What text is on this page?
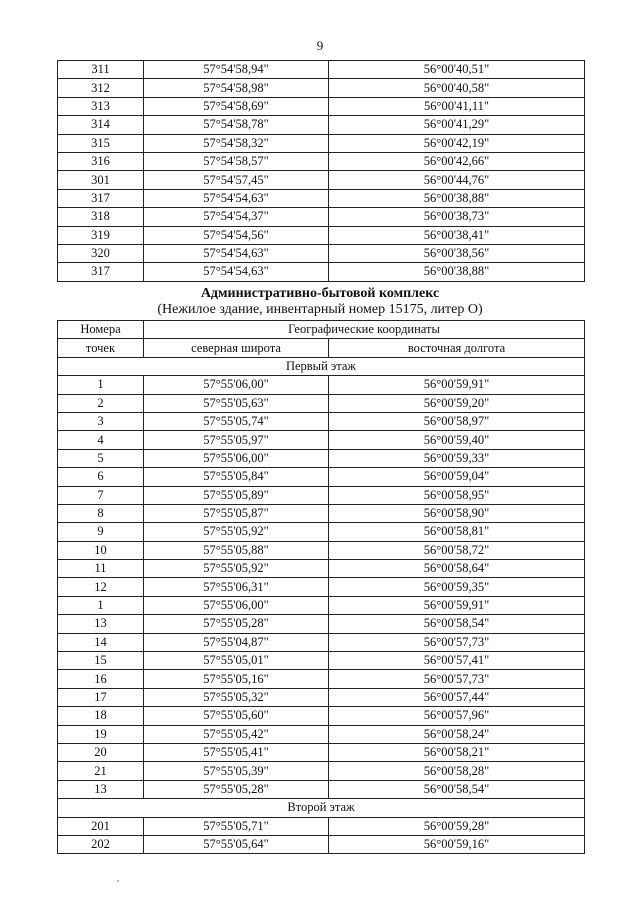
9
311	57°54'58,94"	56°00'40,51"
312	57°54'58,98"	56°00'40,58"
313	57°54'58,69"	56°00'41,11"
314	57°54'58,78"	56°00'41,29"
315	57°54'58,32"	56°00'42,19"
316	57°54'58,57"	56°00'42,66"
301	57°54'57,45"	56°00'44,76"
317	57°54'54,63"	56°00'38,88"
318	57°54'54,37"	56°00'38,73"
319	57°54'54,56"	56°00'38,41"
320	57°54'54,63"	56°00'38,56"
317	57°54'54,63"	56°00'38,88"
Административно-бытовой комплекс
(Нежилое здание, инвентарный номер 15175, литер О)
Номера	Географические координаты	
точек	северная широта	восточная долгота
Первый этаж		
1	57°55'06,00"	56°00'59,91"
2	57°55'05,63"	56°00'59,20"
3	57°55'05,74"	56°00'58,97"
4	57°55'05,97"	56°00'59,40"
5	57°55'06,00"	56°00'59,33"
6	57°55'05,84"	56°00'59,04"
7	57°55'05,89"	56°00'58,95"
8	57°55'05,87"	56°00'58,90"
9	57°55'05,92"	56°00'58,81"
10	57°55'05,88"	56°00'58,72"
11	57°55'05,92"	56°00'58,64"
12	57°55'06,31"	56°00'59,35"
1	57°55'06,00"	56°00'59,91"
13	57°55'05,28"	56°00'58,54"
14	57°55'04,87"	56°00'57,73"
15	57°55'05,01"	56°00'57,41"
16	57°55'05,16"	56°00'57,73"
17	57°55'05,32"	56°00'57,44"
18	57°55'05,60"	56°00'57,96"
19	57°55'05,42"	56°00'58,24"
20	57°55'05,41"	56°00'58,21"
21	57°55'05,39"	56°00'58,28"
13	57°55'05,28"	56°00'58,54"
Второй этаж		
201	57°55'05,71"	56°00'59,28"
202	57°55'05,64"	56°00'59,16"
